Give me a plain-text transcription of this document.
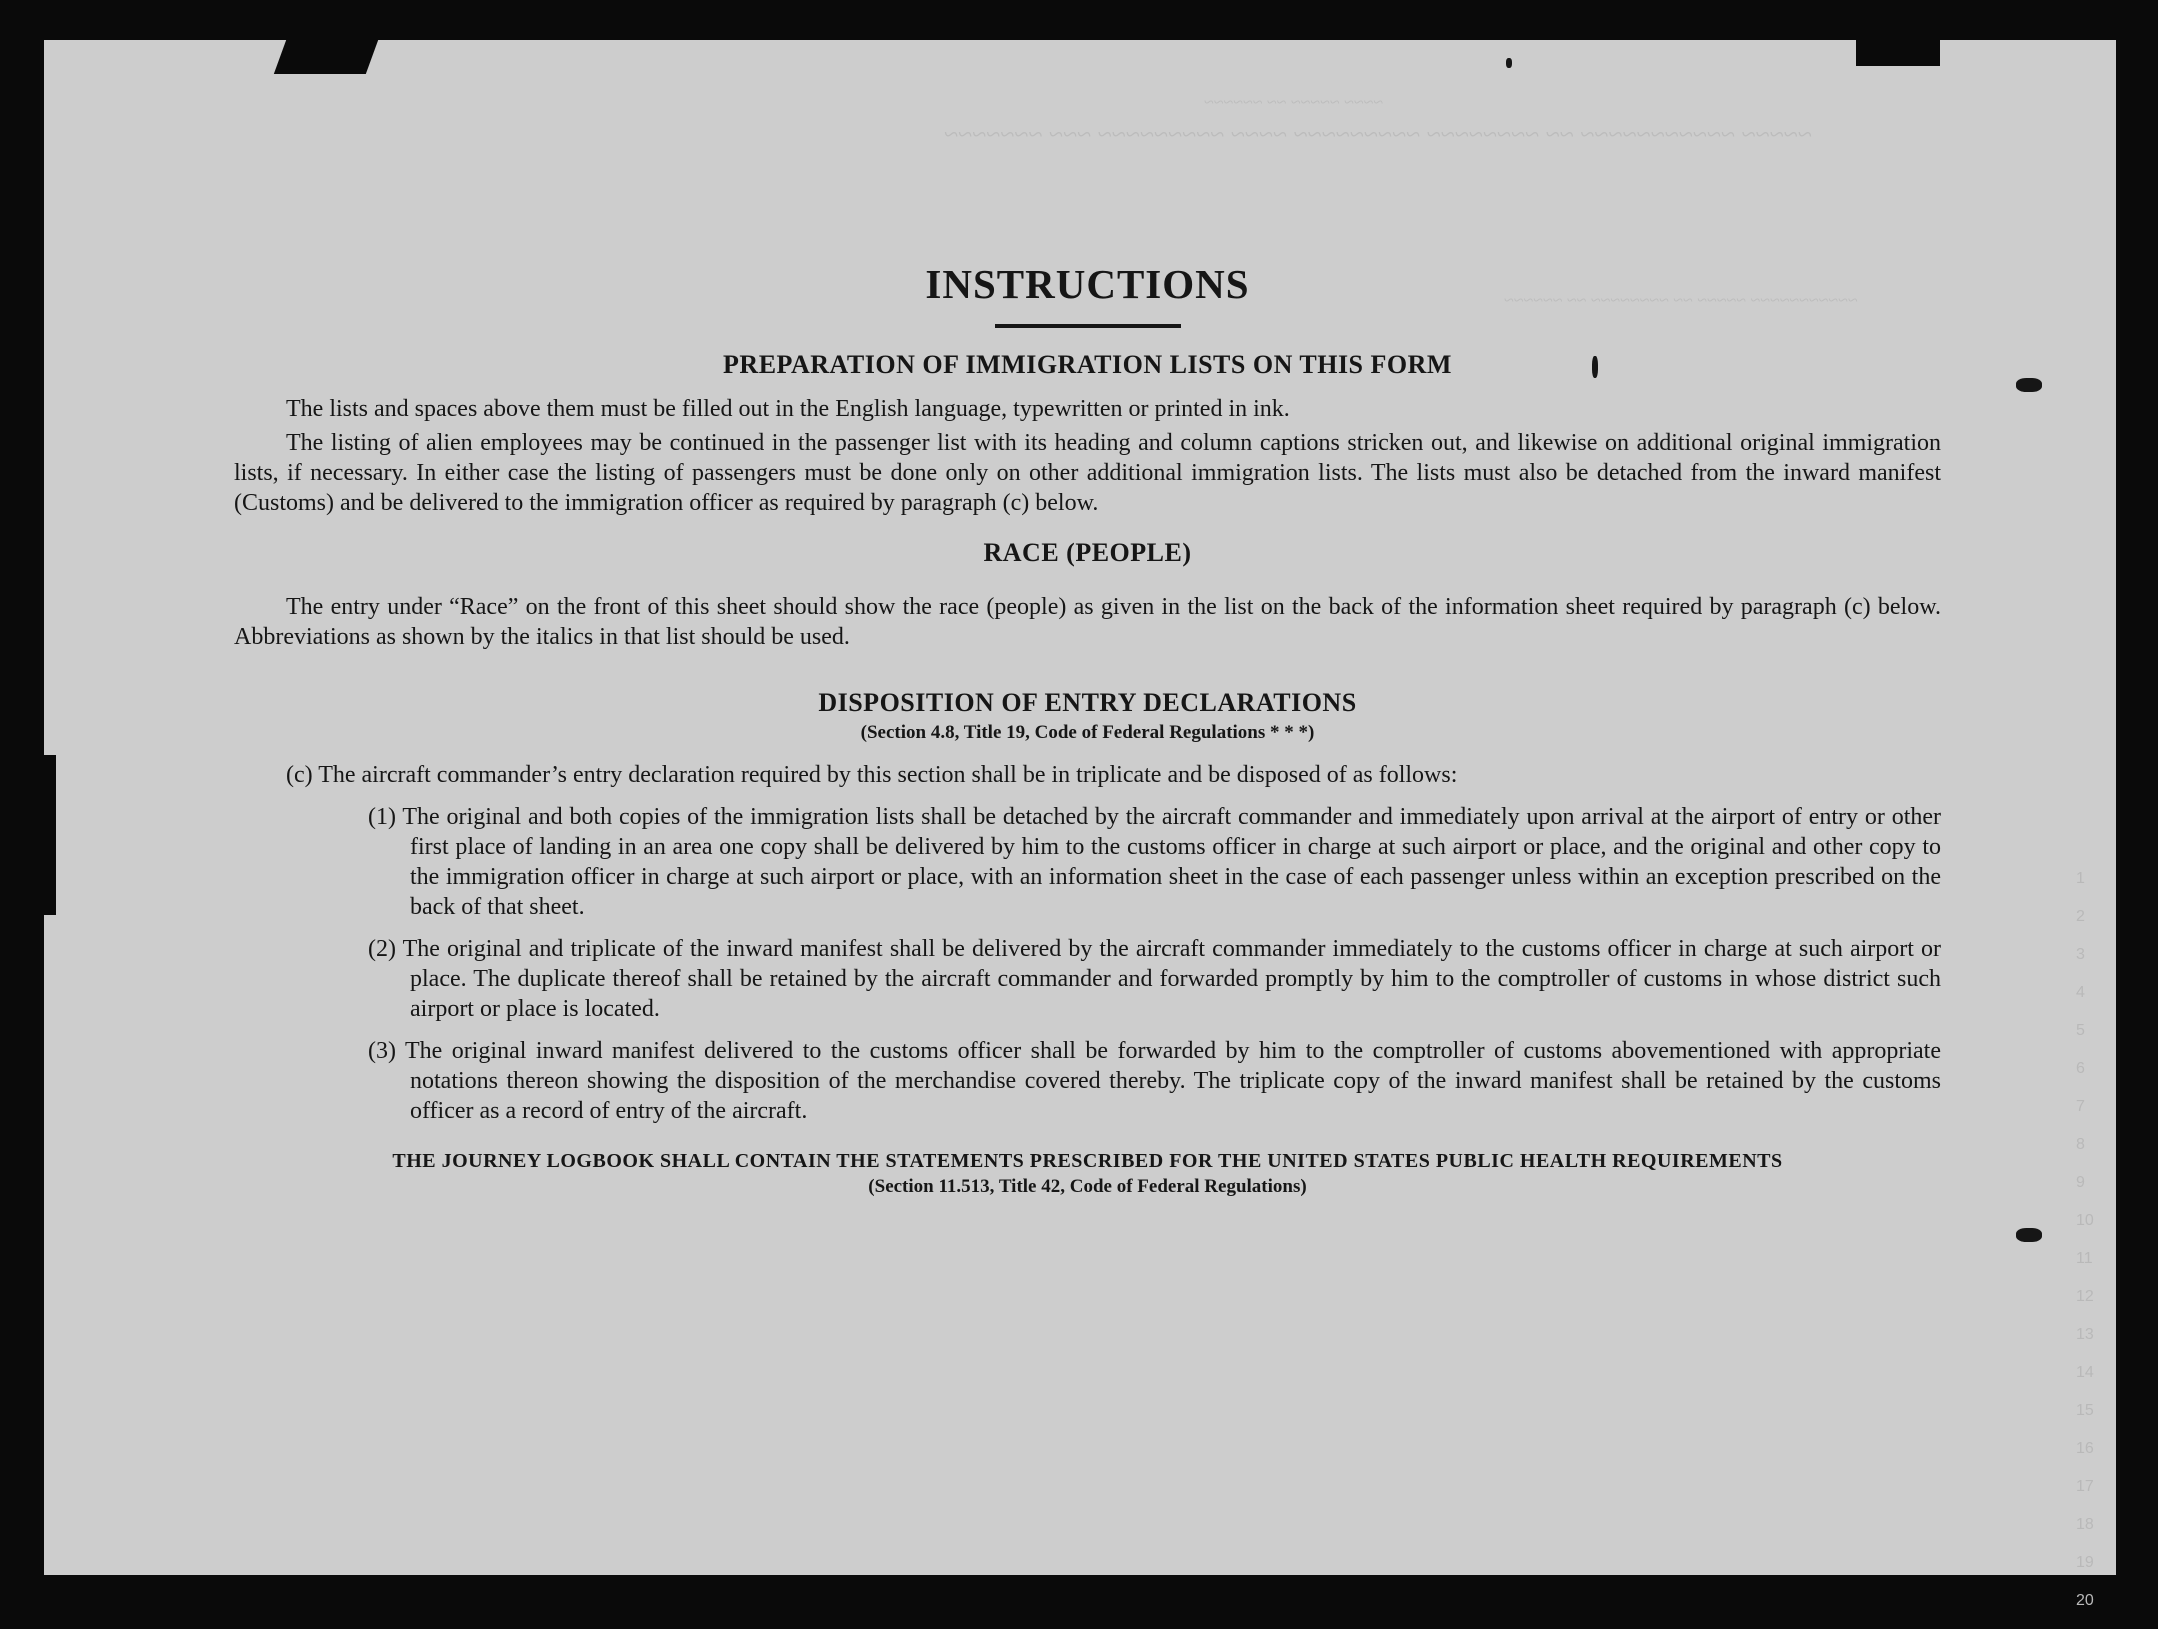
~~~~ ~~~~~ ~~ ~~~~~~
~~~~~ ~~~~~~~~~~~ ~~ ~~~~~~~~ ~~~~~~~~~ ~~~~ ~~~~~~~~~ ~~~ ~~~~~~~
~~~~~~~~~~~ ~~~~~ ~~ ~~~~~~~~ ~~ ~~~~~~
1
2
3
4
5
6
7
8
9
10
11
12
13
14
15
16
17
18
19
20
INSTRUCTIONS
PREPARATION OF IMMIGRATION LISTS ON THIS FORM

The lists and spaces above them must be filled out in the English language, typewritten or printed in ink.

The listing of alien employees may be continued in the passenger list with its heading and column captions stricken out, and likewise on additional original immigration lists, if necessary. In either case the listing of passengers must be done only on other additional immigration lists. The lists must also be detached from the inward manifest (Customs) and be delivered to the immigration officer as required by paragraph (c) below.

RACE (PEOPLE)

The entry under “Race” on the front of this sheet should show the race (people) as given in the list on the back of the information sheet required by paragraph (c) below. Abbreviations as shown by the italics in that list should be used.

DISPOSITION OF ENTRY DECLARATIONS
(Section 4.8, Title 19, Code of Federal Regulations * * *)

(c) The aircraft commander’s entry declaration required by this section shall be in triplicate and be disposed of as follows:

(1) The original and both copies of the immigration lists shall be detached by the aircraft commander and immediately upon arrival at the airport of entry or other first place of landing in an area one copy shall be delivered by him to the customs officer in charge at such airport or place, and the original and other copy to the immigration officer in charge at such airport or place, with an information sheet in the case of each passenger unless within an exception prescribed on the back of that sheet.

(2) The original and triplicate of the inward manifest shall be delivered by the aircraft commander immediately to the customs officer in charge at such airport or place. The duplicate thereof shall be retained by the aircraft commander and forwarded promptly by him to the comptroller of customs in whose district such airport or place is located.

(3) The original inward manifest delivered to the customs officer shall be forwarded by him to the comptroller of customs abovementioned with appropriate notations thereon showing the disposition of the merchandise covered thereby. The triplicate copy of the inward manifest shall be retained by the customs officer as a record of entry of the aircraft.

THE JOURNEY LOGBOOK SHALL CONTAIN THE STATEMENTS PRESCRIBED FOR THE UNITED STATES PUBLIC HEALTH REQUIREMENTS
(Section 11.513, Title 42, Code of Federal Regulations)
